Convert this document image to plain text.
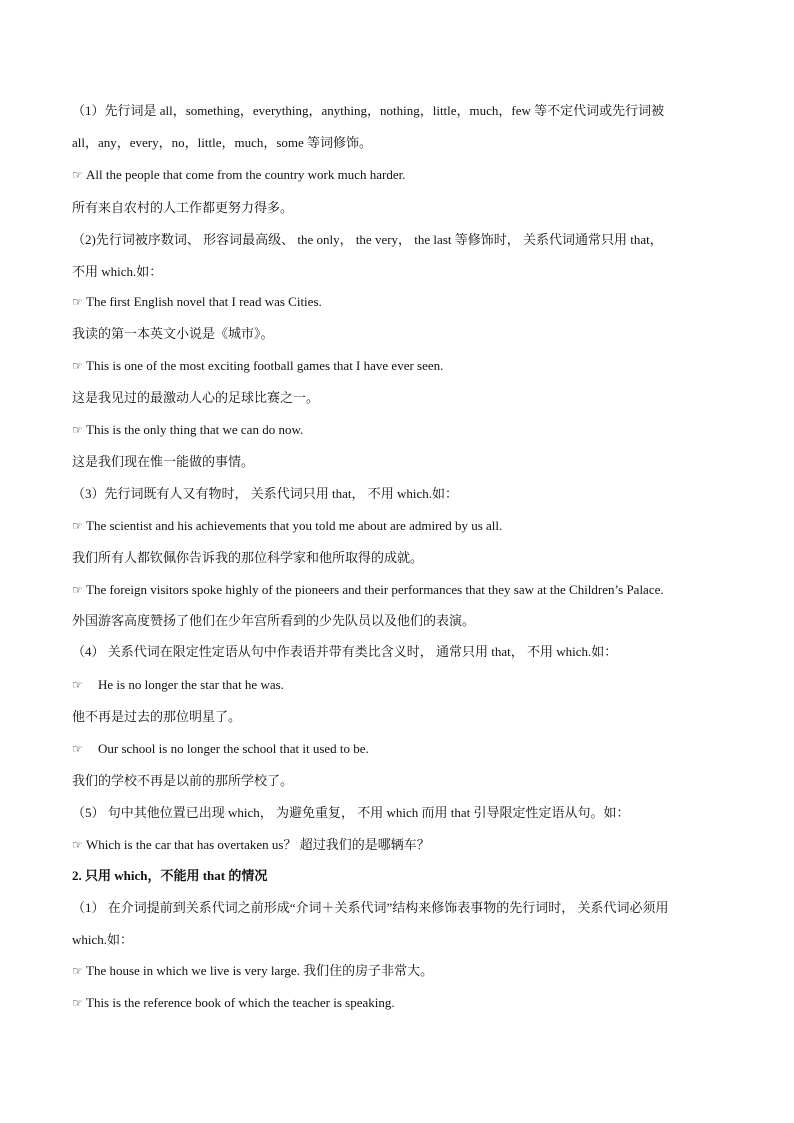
（1）先行词是 all，something，everything，anything，nothing，little，much，few 等不定代词或先行词被
all，any，every，no，little，much，some 等词修饰。
☞ All the people that come from the country work much harder.
所有来自农村的人工作都更努力得多。
（2)先行词被序数词、 形容词最高级、 the only， the very， the last 等修饰时， 关系代词通常只用 that，
不用 which.如：
☞ The first English novel that I read was Cities.
我读的第一本英文小说是《城市》。
☞ This is one of the most exciting football games that I have ever seen.
这是我见过的最激动人心的足球比赛之一。
☞ This is the only thing that we can do now.
这是我们现在惟一能做的事情。
（3）先行词既有人又有物时， 关系代词只用 that， 不用 which.如：
☞ The scientist and his achievements that you told me about are admired by us all.
我们所有人都钦佩你告诉我的那位科学家和他所取得的成就。
☞ The foreign visitors spoke highly of the pioneers and their performances that they saw at the Children’s Palace.
外国游客高度赞扬了他们在少年宫所看到的少先队员以及他们的表演。
（4） 关系代词在限定性定语从句中作表语并带有类比含义时， 通常只用 that， 不用 which.如：
☞ He is no longer the star that he was.
他不再是过去的那位明星了。
☞ Our school is no longer the school that it used to be.
我们的学校不再是以前的那所学校了。
（5） 句中其他位置已出现 which， 为避免重复， 不用 which 而用 that 引导限定性定语从句。如：
☞ Which is the car that has overtaken us？ 超过我们的是哪辆车？
2. 只用 which，不能用 that 的情况
（1） 在介词提前到关系代词之前形成“介词＋关系代词”结构来修饰表事物的先行词时， 关系代词必须用
which.如：
☞ The house in which we live is very large. 我们住的房子非常大。
☞ This is the reference book of which the teacher is speaking.
